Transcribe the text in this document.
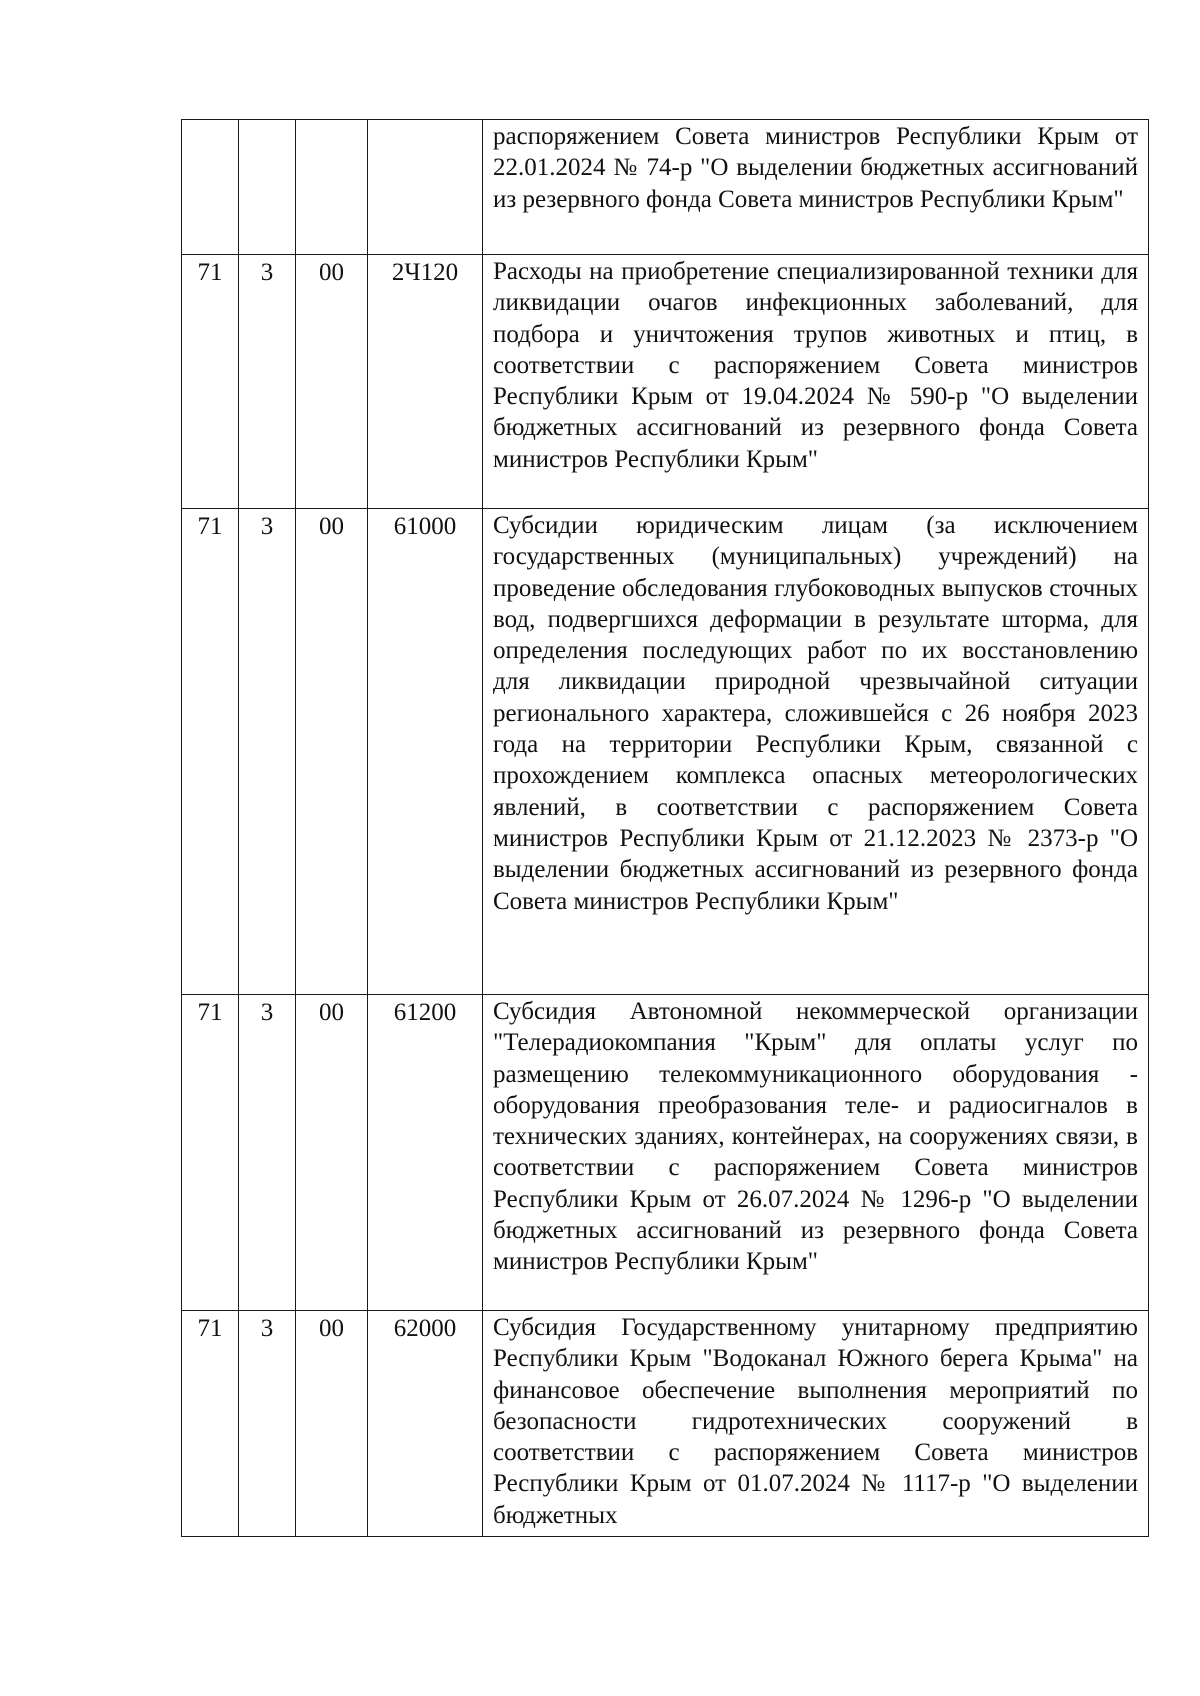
				распоряжением Совета министров Республики Крым от 22.01.2024 № 74-р "О выделении бюджетных ассигнований из резервного фонда Совета министров Республики Крым"
71	3	00	2Ч120	Расходы на приобретение специализированной техники для ликвидации очагов инфекционных заболеваний, для подбора и уничтожения трупов животных и птиц, в соответствии с распоряжением Совета министров Республики Крым от 19.04.2024 № 590-р "О выделении бюджетных ассигнований из резервного фонда Совета министров Республики Крым"
71	3	00	61000	Субсидии юридическим лицам (за исключением государственных (муниципальных) учреждений) на проведение обследования глубоководных выпусков сточных вод, подвергшихся деформации в результате шторма, для определения последующих работ по их восстановлению для ликвидации природной чрезвычайной ситуации регионального характера, сложившейся с 26 ноября 2023 года на территории Республики Крым, связанной с прохождением комплекса опасных метеорологических явлений, в соответствии с распоряжением Совета министров Республики Крым от 21.12.2023 № 2373-р "О выделении бюджетных ассигнований из резервного фонда Совета министров Республики Крым"
71	3	00	61200	Субсидия Автономной некоммерческой организации "Телерадиокомпания "Крым" для оплаты услуг по размещению телекоммуникационного оборудования - оборудования преобразования теле- и радиосигналов в технических зданиях, контейнерах, на сооружениях связи, в соответствии с распоряжением Совета министров Республики Крым от 26.07.2024 № 1296-р "О выделении бюджетных ассигнований из резервного фонда Совета министров Республики Крым"
71	3	00	62000	Субсидия Государственному унитарному предприятию Республики Крым "Водоканал Южного берега Крыма" на финансовое обеспечение выполнения мероприятий по безопасности гидротехнических сооружений в соответствии с распоряжением Совета министров Республики Крым от 01.07.2024 № 1117-р "О выделении бюджетных
